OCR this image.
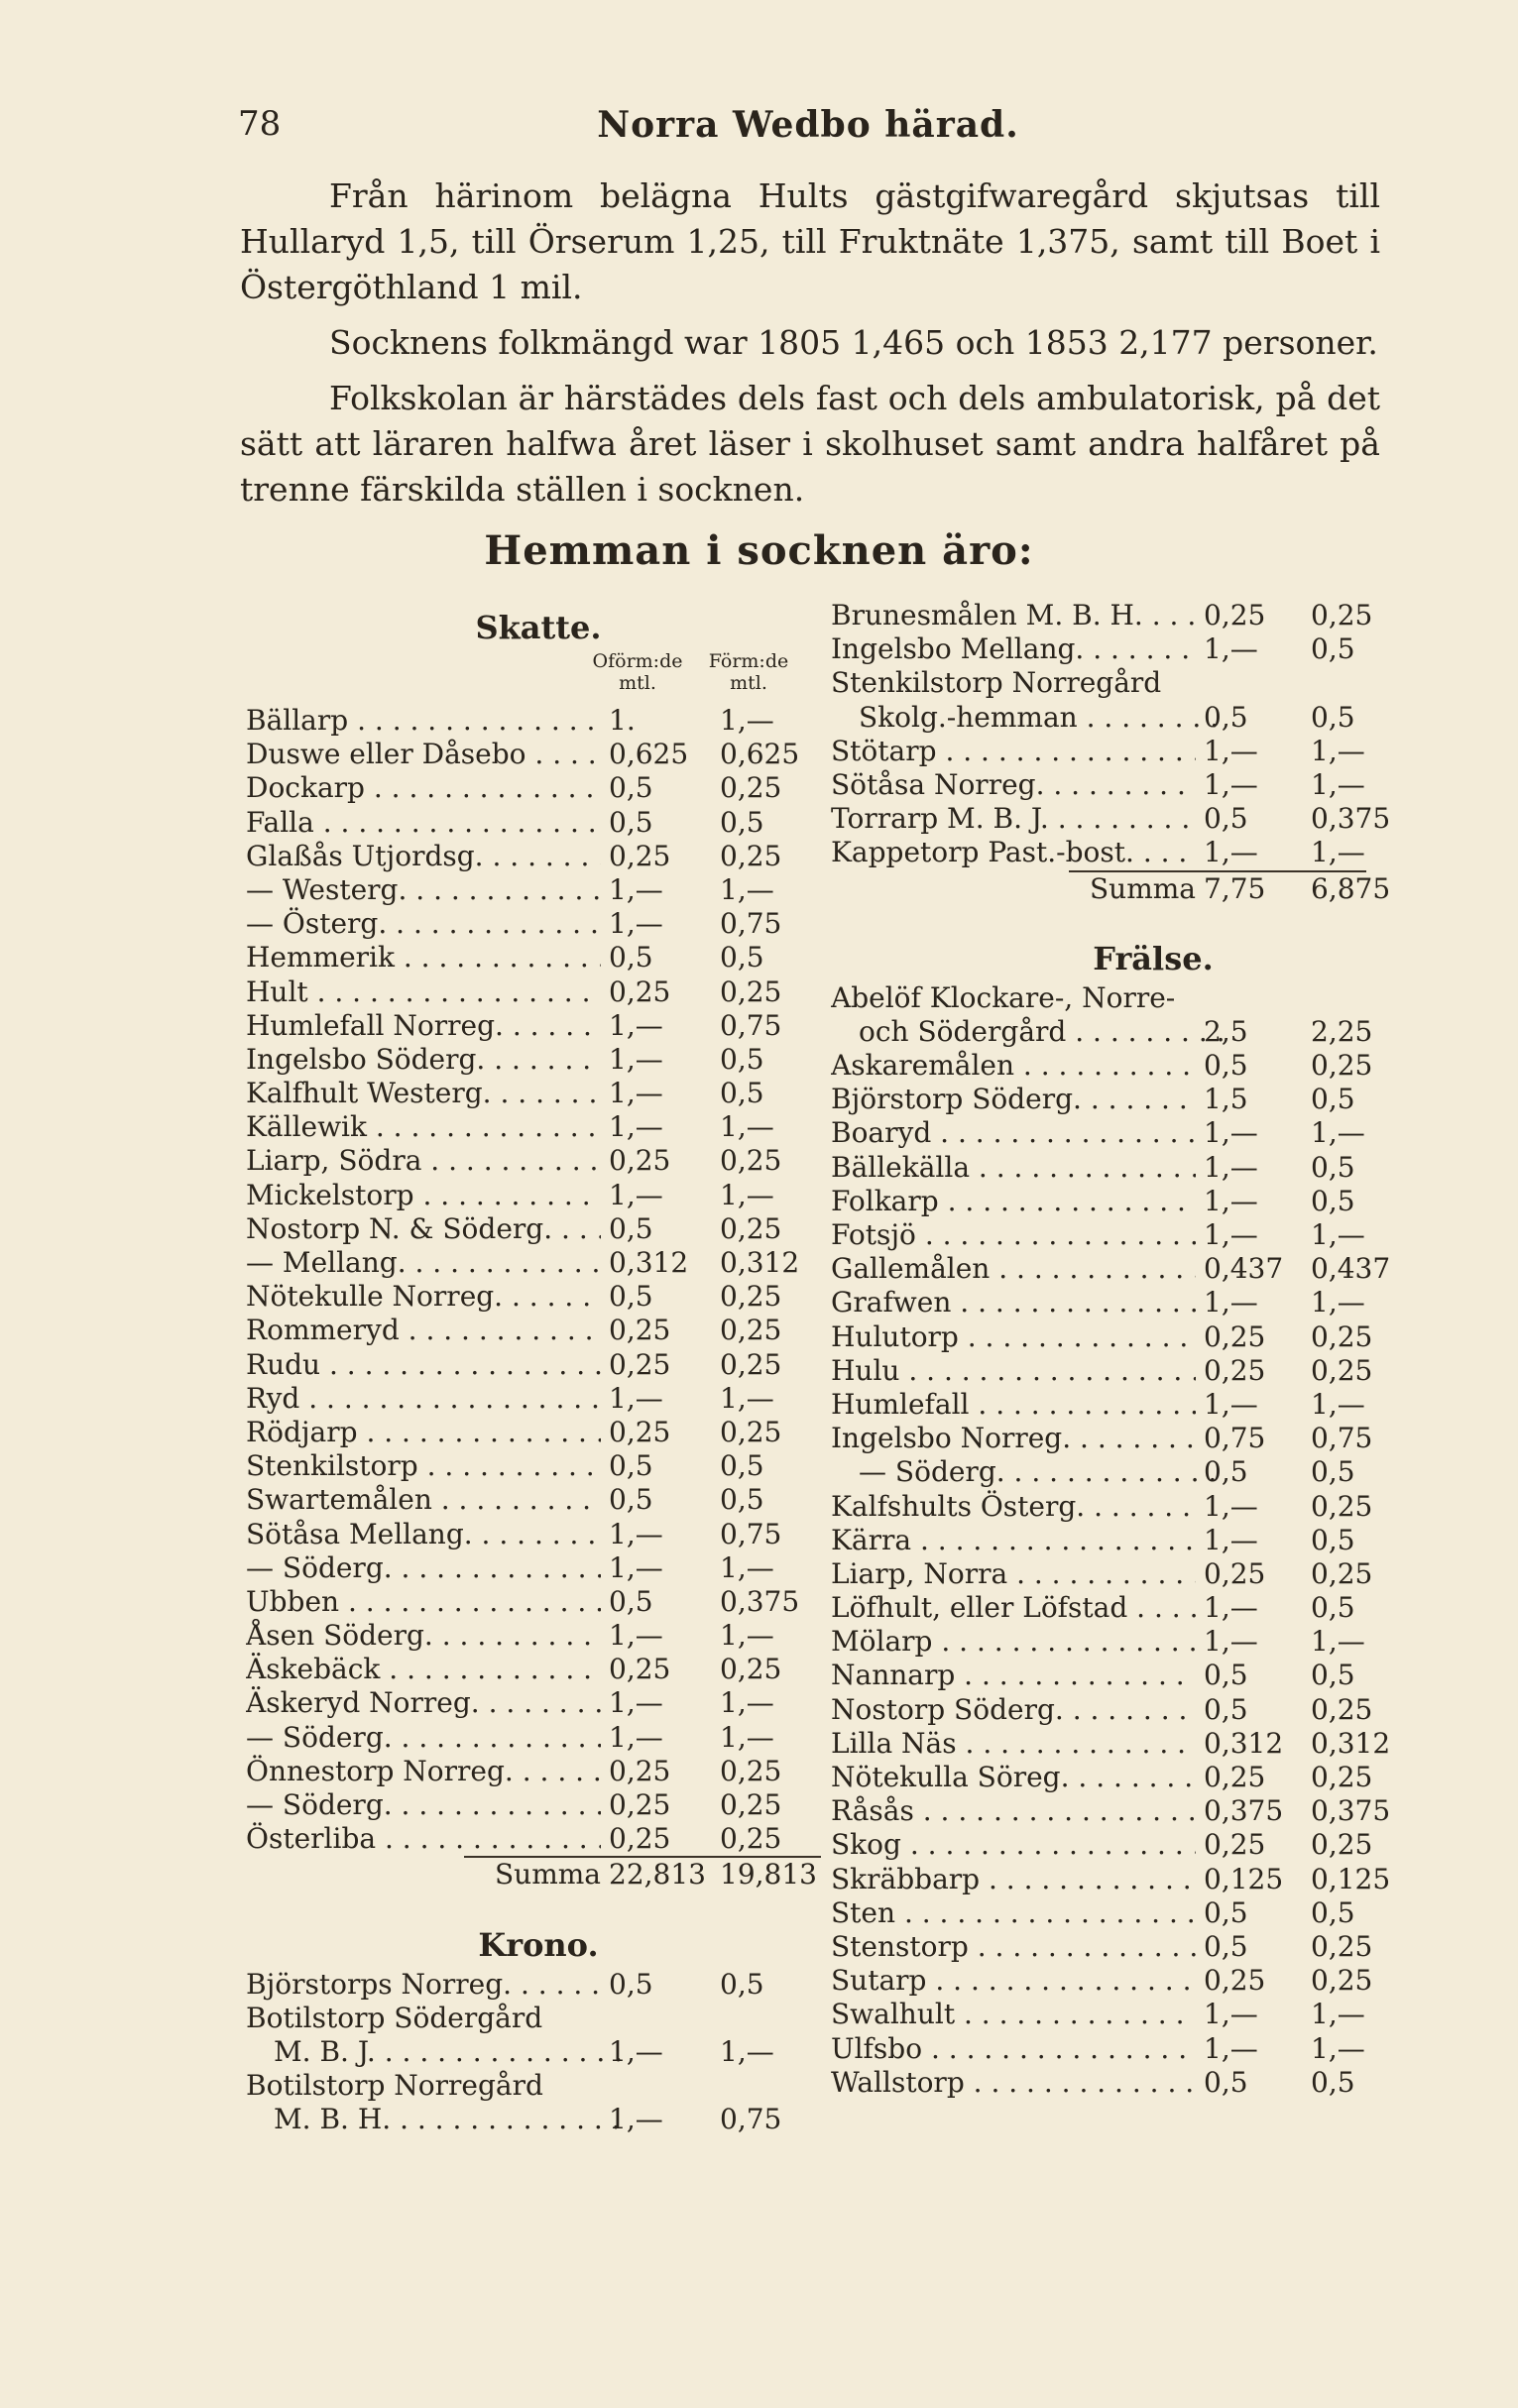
78	Norra Wedbo härad.

Från härinom belägna Hults gästgifwaregård skjutsas till Hullaryd 1,5, till Örserum 1,25, till Fruktnäte 1,375, samt till Boet i Östergöthland 1 mil.

Socknens folkmängd war 1805 1,465 och 1853 2,177 personer.

Folkskolan är härstädes dels fast och dels ambulatorisk, på det sätt att läraren halfwa året läser i skolhuset samt andra halfåret på trenne färskilda ställen i socknen.

Hemman i socknen äro:
Skatte.
Oförm:de mtl.
Förm:de mtl.
Bällarp . . .	1.	1,—
Duswe eller Dåsebo . . .	0,625 0,625
Dockarp . . .	0,5 0,25
Falla . . .	0,5 0,5
Glaßås Utjordsg. . . .	0,25 0,25
— Westerg. . . .	1,— 1,—
— Österg. . . .	1,— 0,75
Hemmerik . . .	0,5 0,5
Hult . . .	0,25 0,25
Humlefall Norreg. . . .	1,— 0,75
Ingelsbo Söderg. . . .	1,— 0,5
Kalfhult Westerg. . . .	1,— 0,5
Källewik . . .	1,— 1,—
Liarp, Södra . . .	0,25 0,25
Mickelstorp . . .	1,— 1,—
Nostorp N. & Söderg. . . .	0,5 0,25
— Mellang. . . .	0,312 0,312
Nötekulle Norreg. . . .	0,5 0,25
Rommeryd . . .	0,25 0,25
Rudu . . .	0,25 0,25
Ryd . . .	1,— 1,—
Rödjarp . . .	0,25 0,25
Stenkilstorp . . .	0,5 0,5
Swartemålen . . .	0,5 0,5
Sötåsa Mellang. . . .	1,— 0,75
— Söderg. . . .	1,— 1,—
Ubben . . .	0,5 0,375
Åsen Söderg. . . .	1,— 1,—
Äskebäck . . .	0,25 0,25
Äskeryd Norreg. . . .	1,— 1,—
— Söderg. . . .	1,— 1,—
Önnestorp Norreg. . . .	0,25 0,25
— Söderg. . . .	0,25 0,25
Österliba . . .	0,25 0,25
Summa 22,813 19,813
Krono.
Björstorps Norreg. . . .	0,5 0,5
Botilstorp Södergård
M. B. J. . . .	1,— 1,—
Botilstorp Norregård
M. B. H. . . .	1,— 0,75
Brunesmålen M. B. H. . . .	0,25 0,25
Ingelsbo Mellang. . . .	1,— 0,5
Stenkilstorp Norregård
Skolg.-hemman . . .	0,5 0,5
Stötarp . . .	1,— 1,—
Sötåsa Norreg. . . .	1,— 1,—
Torrarp M. B. J. . . .	0,5 0,375
Kappetorp Past.-bost. . . .	1,— 1,—
Summa 7,75 6,875
Frälse.
Abelöf Klockare-, Norre-
och Södergård . . .	2,5 2,25
Askaremålen . . .	0,5 0,25
Björstorp Söderg. . . .	1,5 0,5
Boaryd . . .	1,— 1,—
Bällekälla . . .	1,— 0,5
Folkarp . . .	1,— 0,5
Fotsjö . . .	1,— 1,—
Gallemålen . . .	0,437 0,437
Grafwen . . .	1,— 1,—
Hulutorp . . .	0,25 0,25
Hulu . . .	0,25 0,25
Humlefall . . .	1,— 1,—
Ingelsbo Norreg. . . .	0,75 0,75
— Söderg. . . .	0,5 0,5
Kalfshults Österg. . . .	1,— 0,25
Kärra . . .	1,— 0,5
Liarp, Norra . . .	0,25 0,25
Löfhult, eller Löfstad . . .	1,— 0,5
Mölarp . . .	1,— 1,—
Nannarp . . .	0,5 0,5
Nostorp Söderg. . . .	0,5 0,25
Lilla Näs . . .	0,312 0,312
Nötekulla Söreg. . . .	0,25 0,25
Råsås . . .	0,375 0,375
Skog . . .	0,25 0,25
Skräbbarp . . .	0,125 0,125
Sten . . .	0,5 0,5
Stenstorp . . .	0,5 0,25
Sutarp . . .	0,25 0,25
Swalhult . . .	1,— 1,—
Ulfsbo . . .	1,— 1,—
Wallstorp . . .	0,5 0,5
